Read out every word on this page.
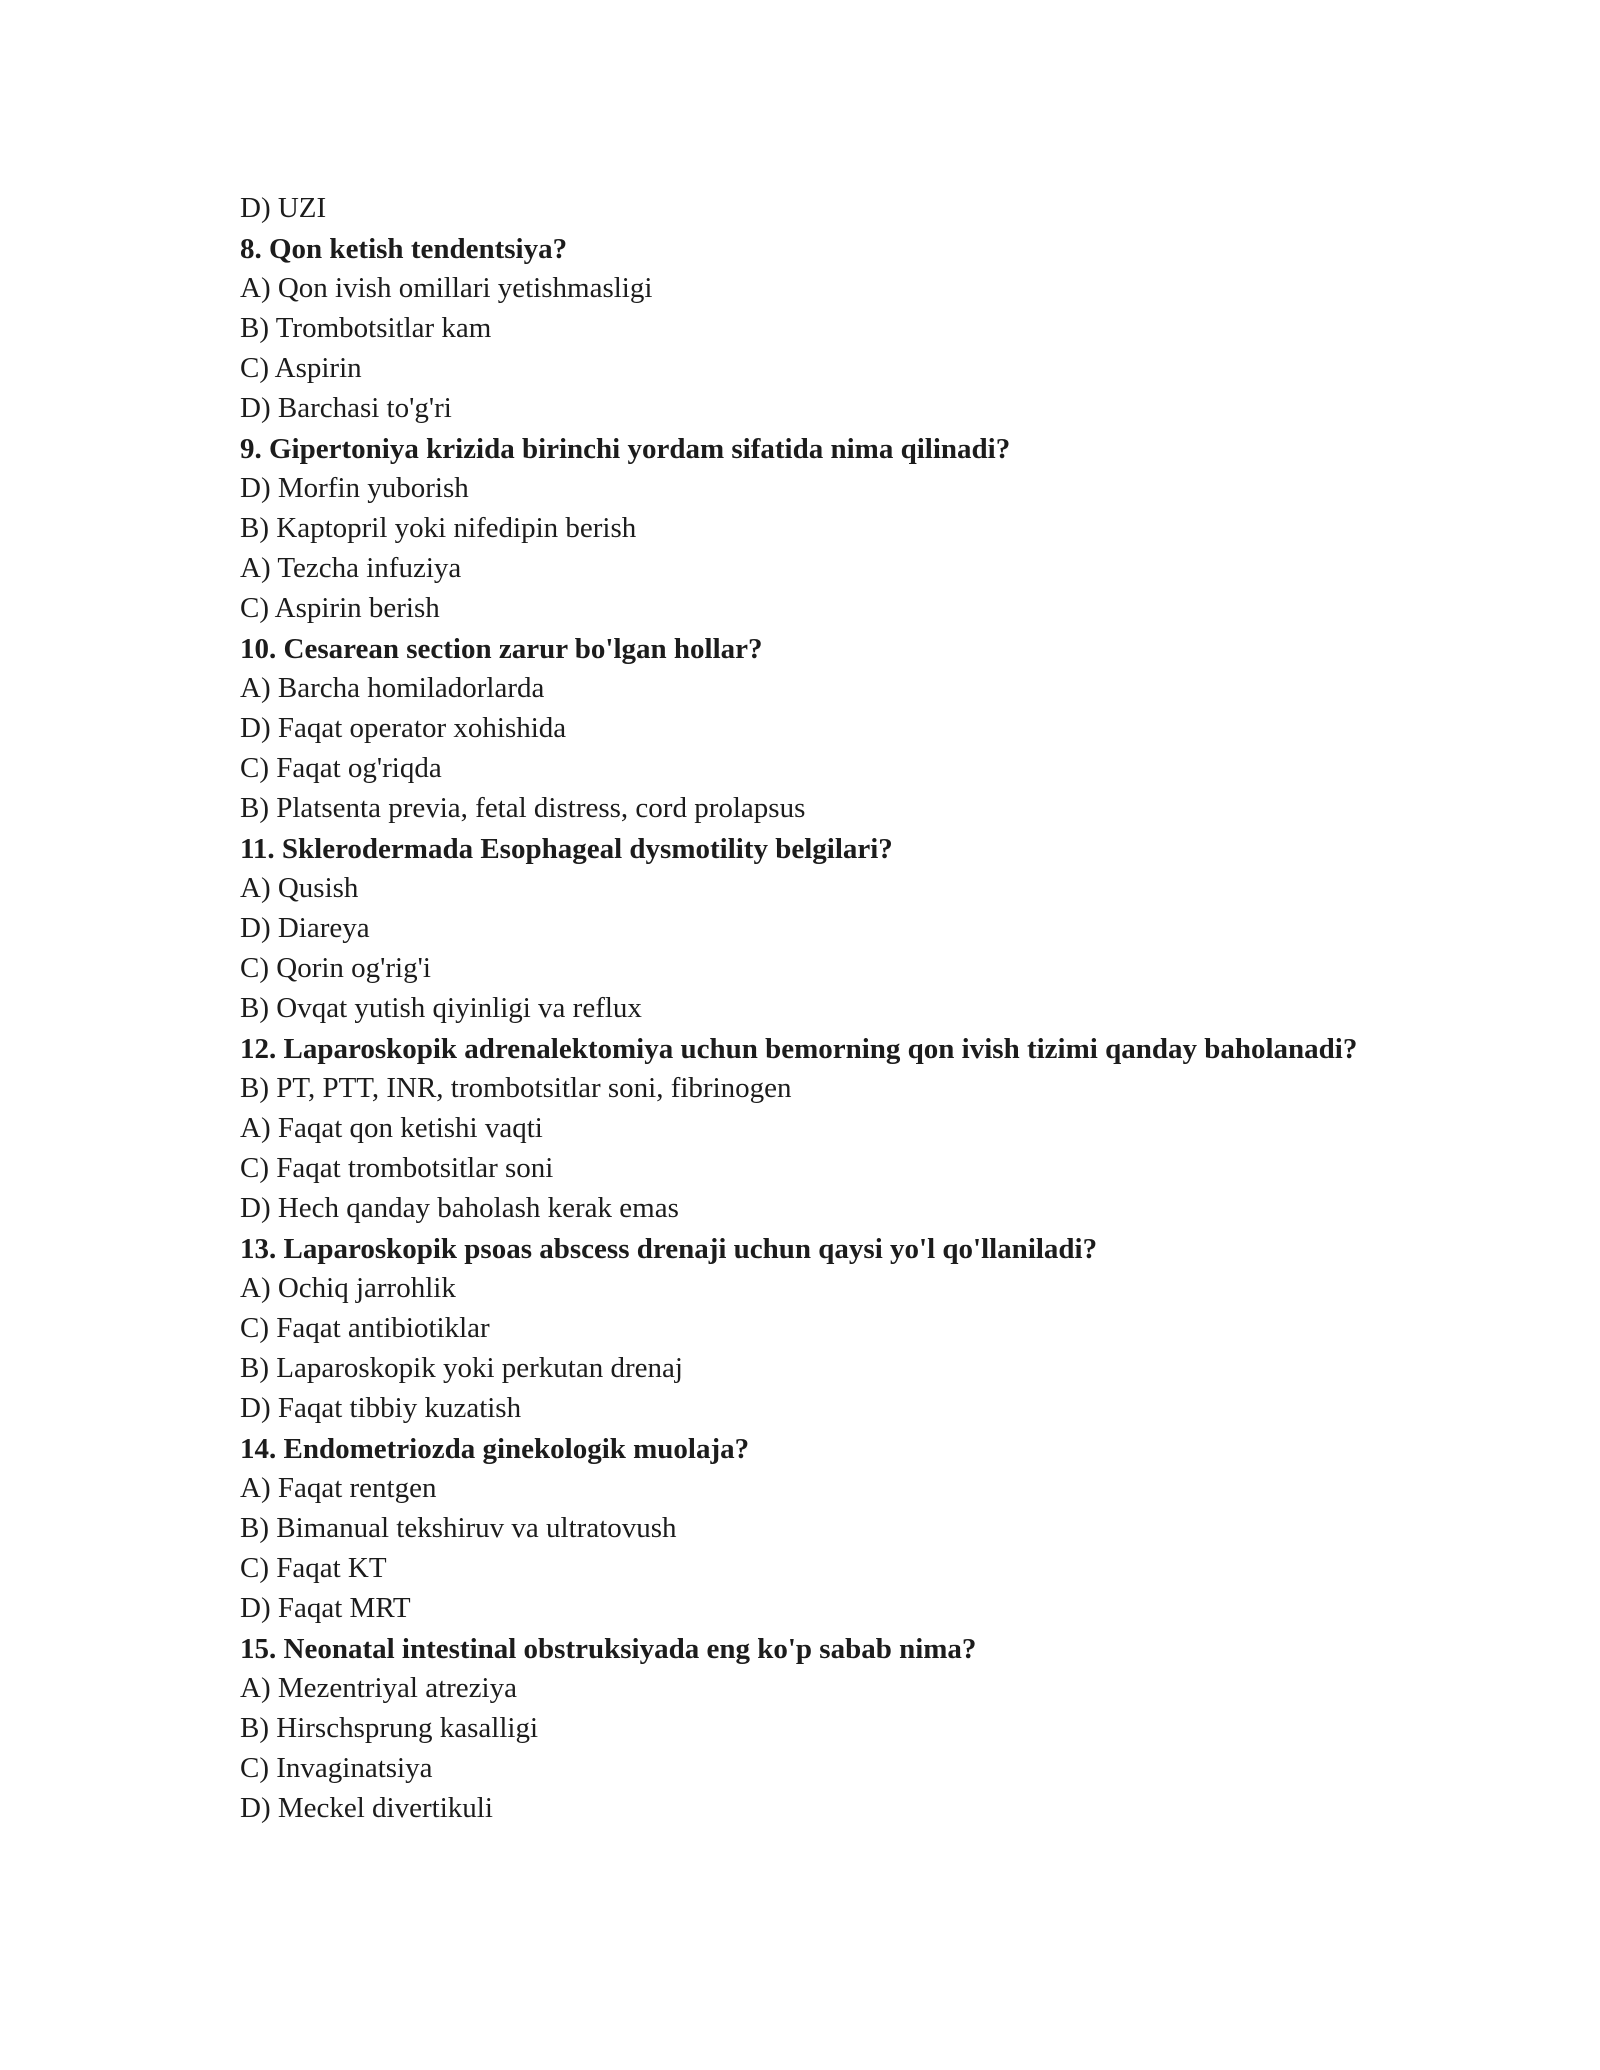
D) UZI
8. Qon ketish tendentsiya?
A) Qon ivish omillari yetishmasligi
B) Trombotsitlar kam
C) Aspirin
D) Barchasi to'g'ri
9. Gipertoniya krizida birinchi yordam sifatida nima qilinadi?
D) Morfin yuborish
B) Kaptopril yoki nifedipin berish
A) Tezcha infuziya
C) Aspirin berish
10. Cesarean section zarur bo'lgan hollar?
A) Barcha homiladorlarda
D) Faqat operator xohishida
C) Faqat og'riqda
B) Platsenta previa, fetal distress, cord prolapsus
11. Sklerodermada Esophageal dysmotility belgilari?
A) Qusish
D) Diareya
C) Qorin og'rig'i
B) Ovqat yutish qiyinligi va reflux
12. Laparoskopik adrenalektomiya uchun bemorning qon ivish tizimi qanday baholanadi?
B) PT, PTT, INR, trombotsitlar soni, fibrinogen
A) Faqat qon ketishi vaqti
C) Faqat trombotsitlar soni
D) Hech qanday baholash kerak emas
13. Laparoskopik psoas abscess drenaji uchun qaysi yo'l qo'llaniladi?
A) Ochiq jarrohlik
C) Faqat antibiotiklar
B) Laparoskopik yoki perkutan drenaj
D) Faqat tibbiy kuzatish
14. Endometriozda ginekologik muolaja?
A) Faqat rentgen
B) Bimanual tekshiruv va ultratovush
C) Faqat KT
D) Faqat MRT
15. Neonatal intestinal obstruksiyada eng ko'p sabab nima?
A) Mezentriyal atreziya
B) Hirschsprung kasalligi
C) Invaginatsiya
D) Meckel divertikuli
